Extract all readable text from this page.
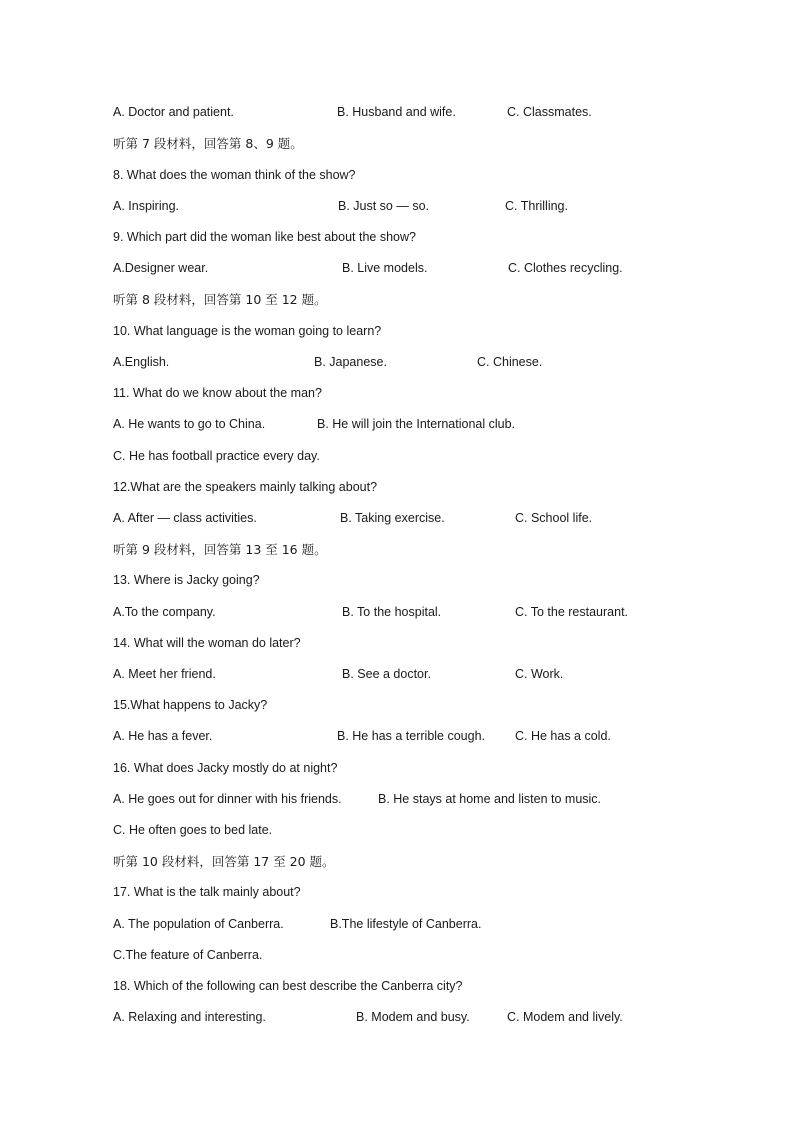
A. Doctor and patient.	B. Husband and wife.	C. Classmates.
听第 7 段材料，回答第 8、9 题。
8. What does the woman think of the show?
A. Inspiring.	B. Just so — so.	C. Thrilling.
9. Which part did the woman like best about the show?
A.Designer wear.	B. Live models.	C. Clothes recycling.
听第 8 段材料，回答第 10 至 12 题。
10. What language is the woman going to learn?
A.English.	B. Japanese.	C. Chinese.
11. What do we know about the man?
A. He wants to go to China.	B. He will join the International club.
C. He has football practice every day.
12.What are the speakers mainly talking about?
A. After — class activities.	B. Taking exercise.	C. School life.
听第 9 段材料，回答第 13 至 16 题。
13. Where is Jacky going?
A.To the company.	B. To the hospital.	C. To the restaurant.
14. What will the woman do later?
A. Meet her friend.	B. See a doctor.	C. Work.
15.What happens to Jacky?
A. He has a fever.	B. He has a terrible cough. C. He has a cold.
16. What does Jacky mostly do at night?
A. He goes out for dinner with his friends.	B. He stays at home and listen to music.
C. He often goes to bed late.
听第 10 段材料，回答第 17 至 20 题。
17. What is the talk mainly about?
A. The population of Canberra.	B.The lifestyle of Canberra.
C.The feature of Canberra.
18. Which of the following can best describe the Canberra city?
A. Relaxing and interesting.	B. Modem and busy.	C. Modem and lively.
